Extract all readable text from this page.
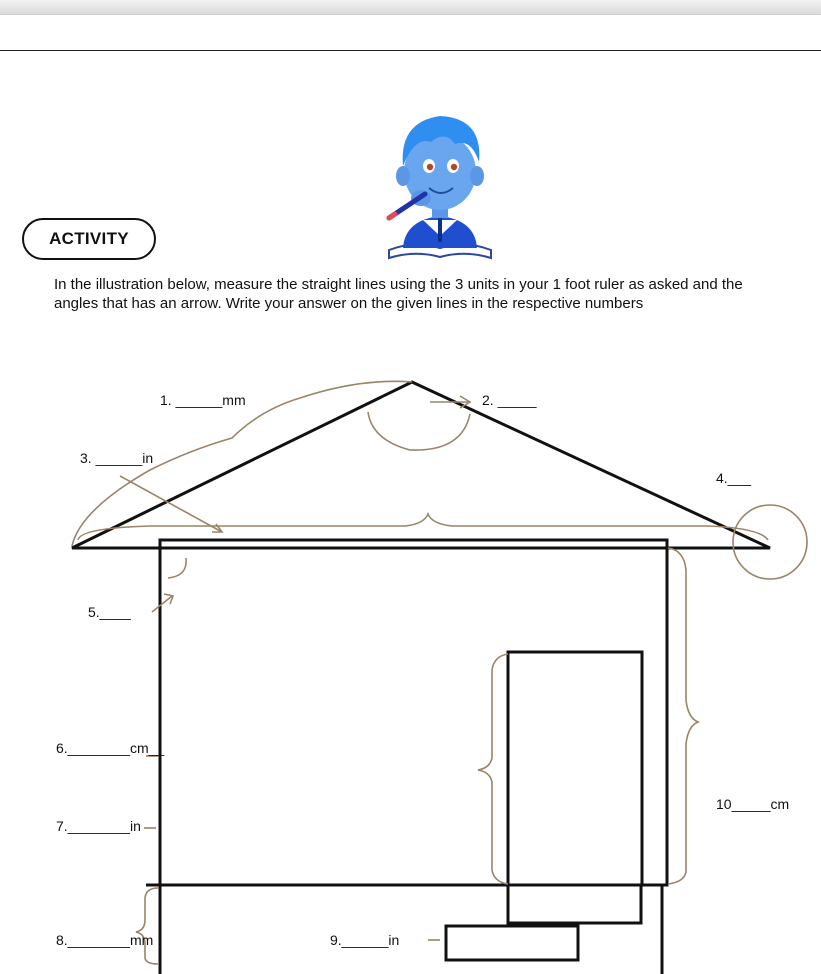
ACTIVITY

In the illustration below, measure the straight lines using the 3 units in your 1 foot ruler as asked and the angles that has an arrow. Write your answer on the given lines in the respective numbers

1. ______mm	2. _____
3. ______in
4.___
5.____
6.________cm__
7.________in
8.________mm	9.______in
10_____cm
